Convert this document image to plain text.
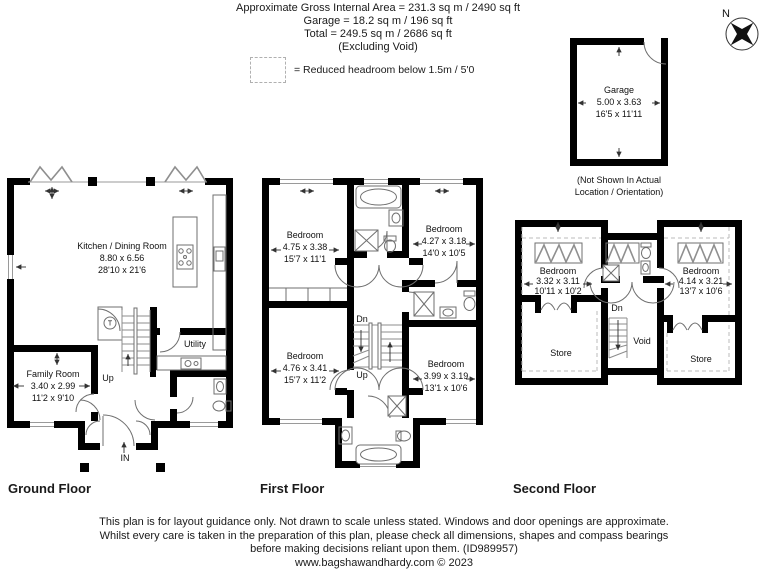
Approximate Gross Internal Area = 231.3 sq m / 2490 sq ft
Garage = 18.2 sq m / 196 sq ft
Total = 249.5 sq m / 2686 sq ft
(Excluding Void)
= Reduced headroom below 1.5m / 5'0
N
Garage
5.00 x 3.63
16'5 x 11'11
(Not Shown In Actual
Location / Orientation)
T
Kitchen / Dining Room
8.80 x 6.56
28'10 x 21'6
Family Room
3.40 x 2.99
11'2 x 9'10
Utility
Up
IN
Bedroom
4.75 x 3.38
15'7 x 11'1
Bedroom
4.27 x 3.18
14'0 x 10'5
Bedroom
4.76 x 3.41
15'7 x 11'2
Bedroom
3.99 x 3.19
13'1 x 10'6
Dn
Up
Bedroom
3.32 x 3.11
10'11 x 10'2
Bedroom
4.14 x 3.21
13'7 x 10'6
Store
Store
Void
Dn
Ground Floor	First Floor	Second Floor
This plan is for layout guidance only. Not drawn to scale unless stated. Windows and door openings are approximate.
Whilst every care is taken in the preparation of this plan, please check all dimensions, shapes and compass bearings
before making decisions reliant upon them. (ID989957)
www.bagshawandhardy.com © 2023
